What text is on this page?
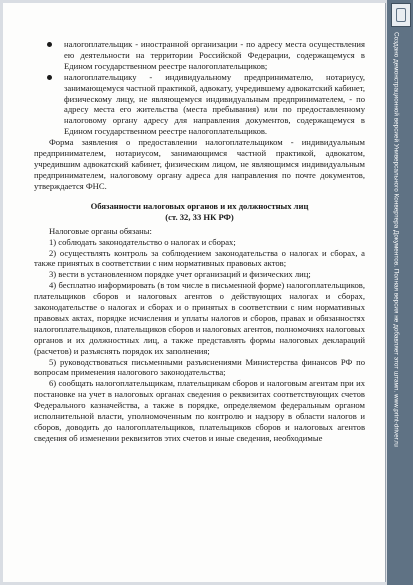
налогоплательщик - иностранной организации - по адресу места осуществления ею деятельности на территории Российской Федерации, содержащемуся в Едином государственном реестре налогоплательщиков;
налогоплательщику - индивидуальному предпринимателю, нотариусу, занимающемуся частной практикой, адвокату, учредившему адвокатский кабинет, физическому лицу, не являющемуся индивидуальным предпринимателем, - по адресу места его жительства (места пребывания) или по предоставленному налоговому органу адресу для направления документов, содержащемуся в Едином государственном реестре налогоплательщиков.

Форма заявления о предоставлении налогоплательщиком - индивидуальным предпринимателем, нотариусом, занимающимся частной практикой, адвокатом, учредившим адвокатский кабинет, физическим лицом, не являющимся индивидуальным предпринимателем, налоговому органу адреса для направления по почте документов, утверждается ФНС.

Обязанности налоговых органов и их должностных лиц
(ст. 32, 33 НК РФ)

Налоговые органы обязаны:

1) соблюдать законодательство о налогах и сборах;

2) осуществлять контроль за соблюдением законодательства о налогах и сборах, а также принятых в соответствии с ним нормативных правовых актов;

3) вести в установленном порядке учет организаций и физических лиц;

4) бесплатно информировать (в том числе в письменной форме) налогоплательщиков, плательщиков сборов и налоговых агентов о действующих налогах и сборах, законодательстве о налогах и сборах и о принятых в соответствии с ним нормативных правовых актах, порядке исчисления и уплаты налогов и сборов, правах и обязанностях налогоплательщиков, плательщиков сборов и налоговых агентов, полномочиях налоговых органов и их должностных лиц, а также представлять формы налоговых деклараций (расчетов) и разъяснять порядок их заполнения;

5) руководствоваться письменными разъяснениями Министерства финансов РФ по вопросам применения налогового законодательства;

6) сообщать налогоплательщикам, плательщикам сборов и налоговым агентам при их постановке на учет в налоговых органах сведения о реквизитах соответствующих счетов Федерального казначейства, а также в порядке, определяемом федеральным органом исполнительной власти, уполномоченным по контролю и надзору в области налогов и сборов, доводить до налогоплательщиков, плательщиков сборов и налоговых агентов сведения об изменении реквизитов этих счетов и иные сведения, необходимые	Создано демонстрационной версией Универсального Конвертера Документов. Полная версия не добавляет этот штамп. www.print-driver.ru
